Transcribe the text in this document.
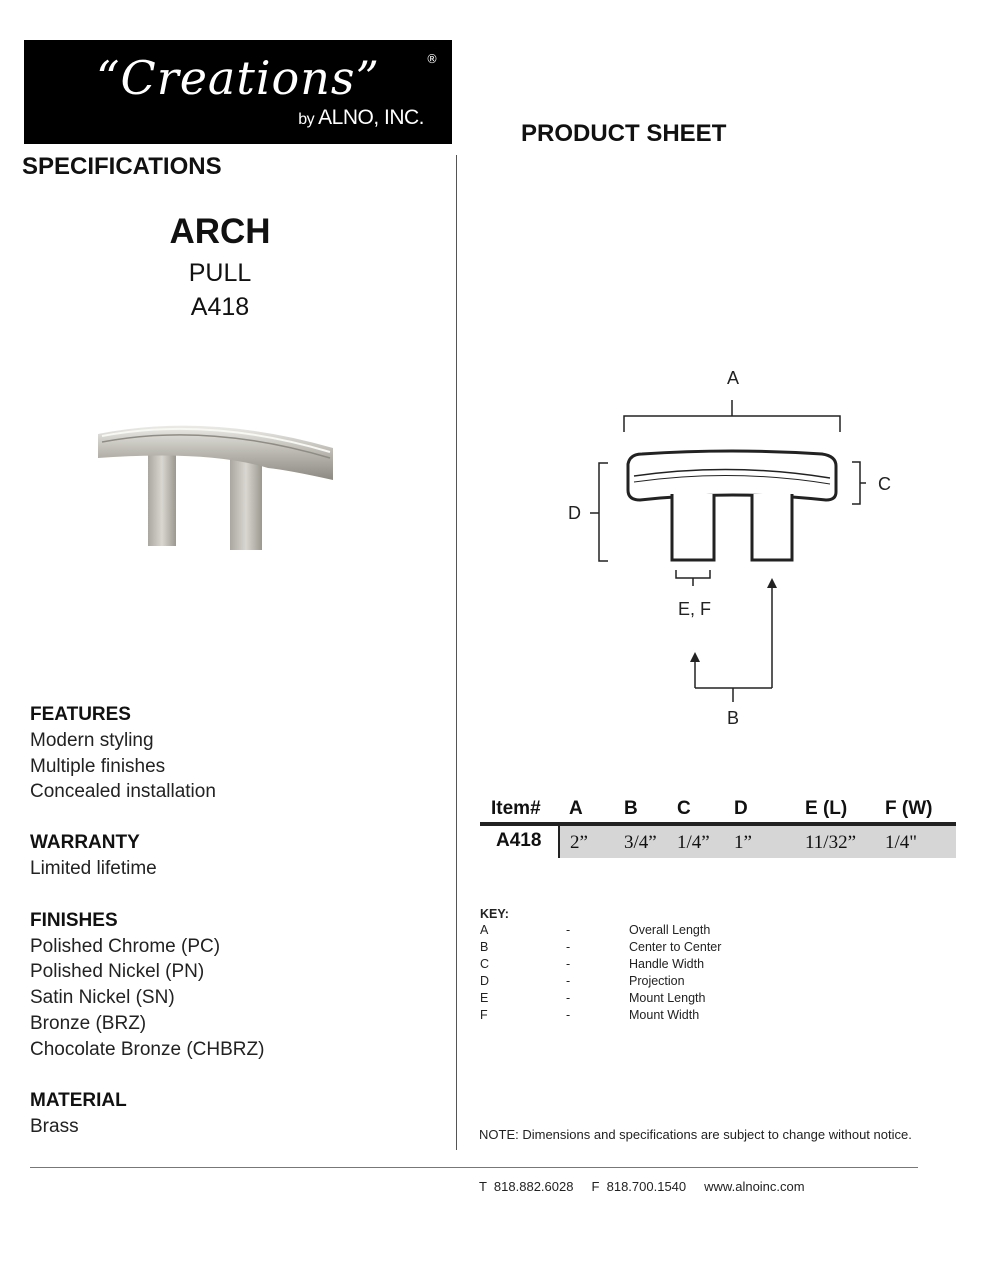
“Creations”	®
by ALNO, INC.
PRODUCT SHEET
SPECIFICATIONS
ARCH
PULL
A418
FEATURES
Modern styling
Multiple finishes
Concealed installation
WARRANTY
Limited lifetime
FINISHES
Polished Chrome (PC)
Polished Nickel (PN)
Satin Nickel (SN)
Bronze (BRZ)
Chocolate Bronze (CHBRZ)
MATERIAL
Brass
A
C
D
E, F
B
Item# A B C D	E (L) F (W)
A418 2” 3/4” 1/4” 1”	11/32” 1/4"
KEY:
A	-	Overall Length
B	-	Center to Center
C	-	Handle Width
D	-	Projection
E	-	Mount Length
F	-	Mount Width
NOTE: Dimensions and specifications are subject to change without notice.
T  818.882.6028 F  818.700.1540 www.alnoinc.com
